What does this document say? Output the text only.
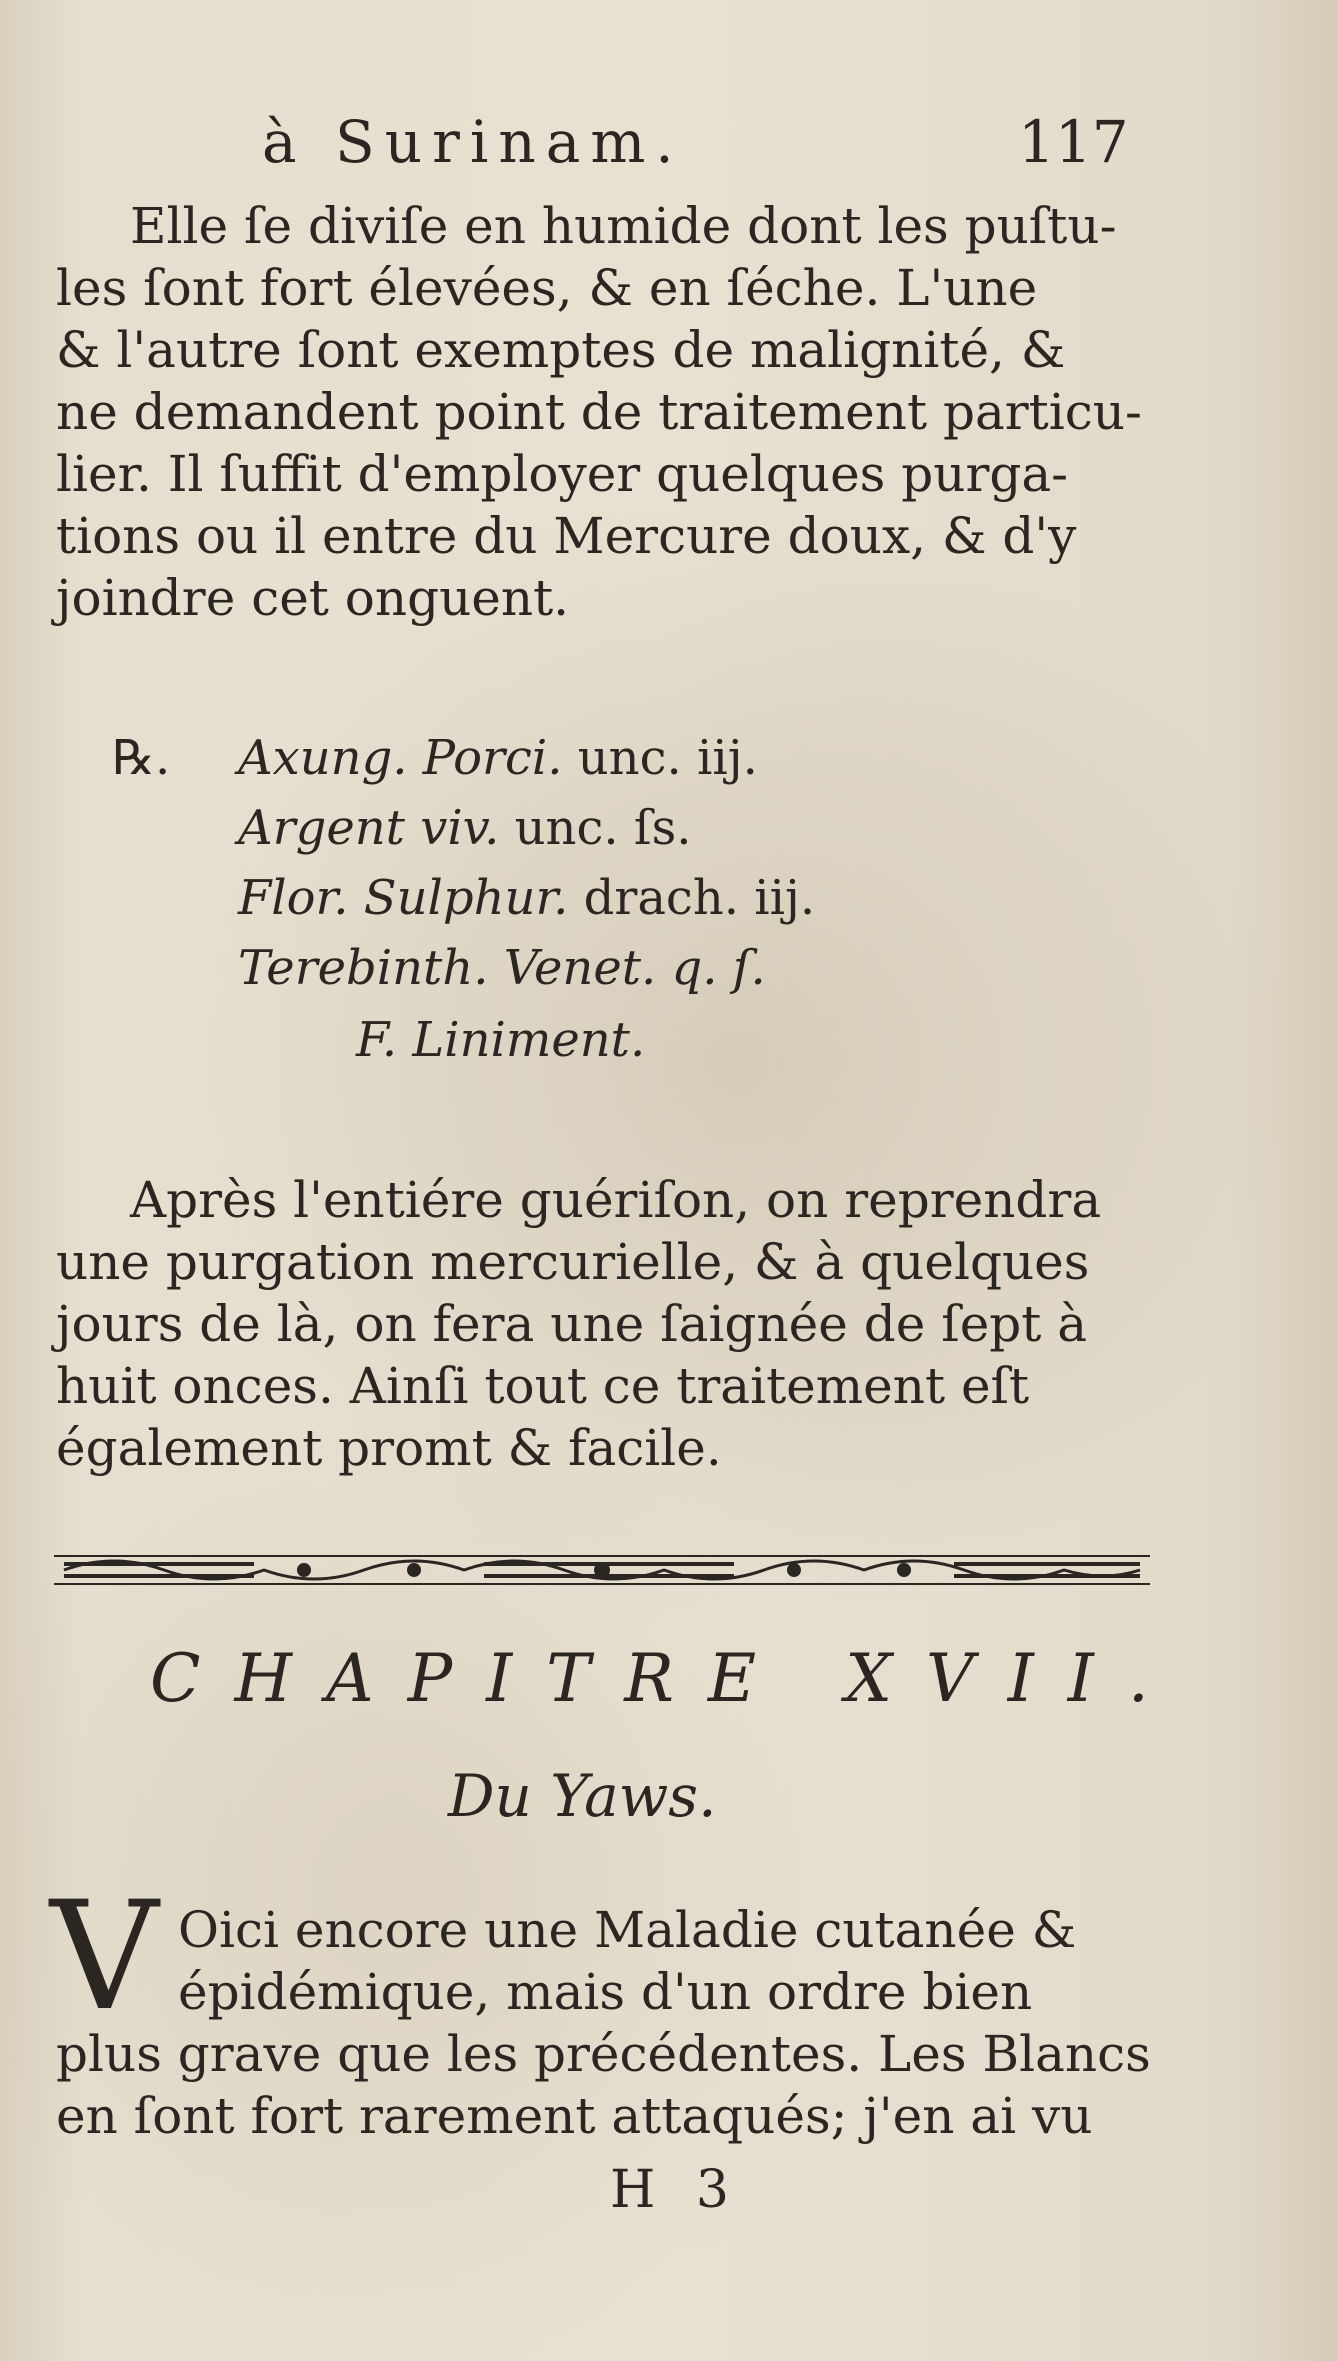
à Surinam.	117
Elle ſe diviſe en humide dont les puſtu-
les ſont fort élevées, & en ſéche. L'une
& l'autre ſont exemptes de malignité, &
ne demandent point de traitement particu-
lier. Il ſuffit d'employer quelques purga-
tions ou il entre du Mercure doux, & d'y
joindre cet onguent.
℞. Axung. Porci. unc. iij.
Argent viv. unc. ſs.
Flor. Sulphur. drach. iij.
Terebinth. Venet. q. ſ.
F. Liniment.
Après l'entiére guériſon, on reprendra
une purgation mercurielle, & à quelques
jours de là, on fera une ſaignée de ſept à
huit onces. Ainſi tout ce traitement eſt
également promt & facile.
CHAPITRE XVII.
Du Yaws.
V Oici encore une Maladie cutanée &
épidémique, mais d'un ordre bien
plus grave que les précédentes. Les Blancs
en ſont fort rarement attaqués; j'en ai vu
H 3
